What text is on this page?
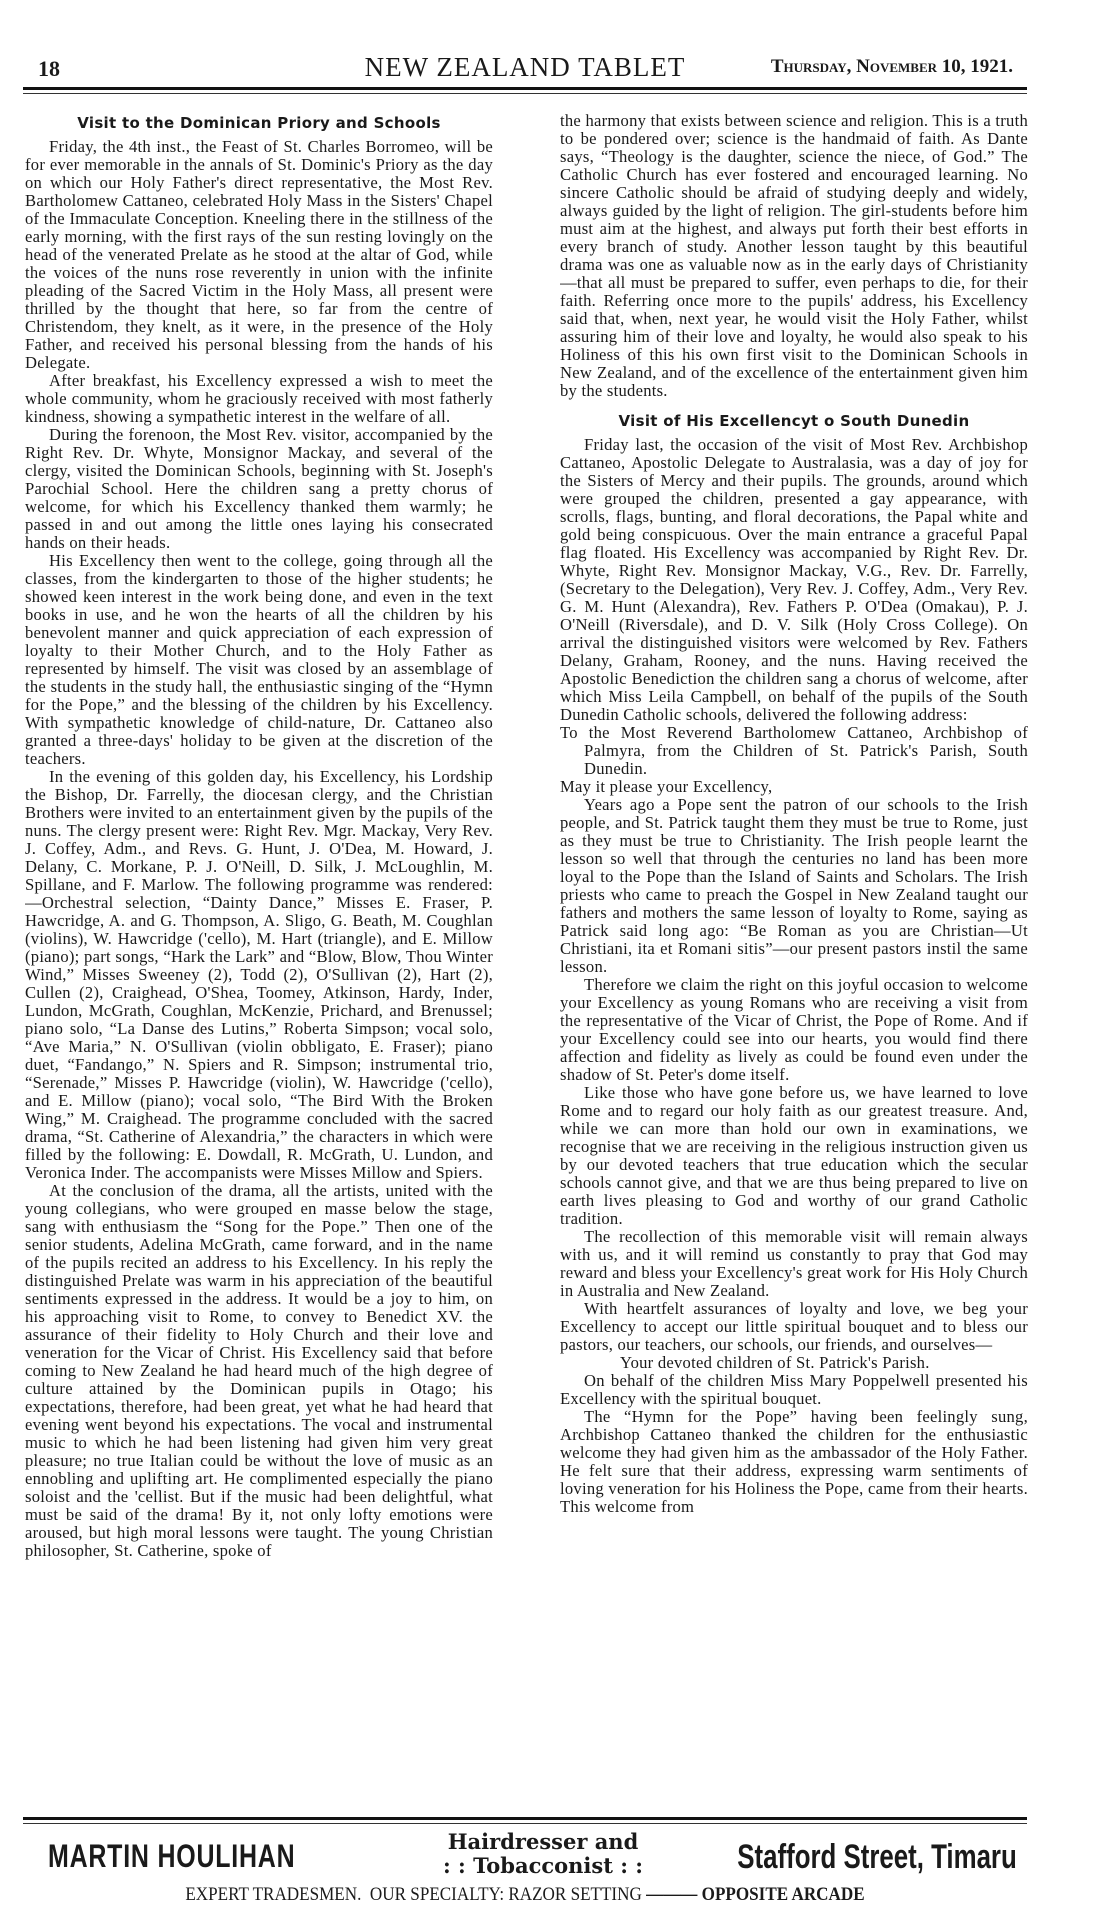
18	NEW ZEALAND TABLET	Thursday, November 10, 1921.
Visit to the Dominican Priory and Schools

Friday, the 4th inst., the Feast of St. Charles Borromeo, will be for ever memorable in the annals of St. Dominic's Priory as the day on which our Holy Father's direct representative, the Most Rev. Bartholomew Cattaneo, celebrated Holy Mass in the Sisters' Chapel of the Immaculate Conception. Kneeling there in the stillness of the early morning, with the first rays of the sun resting lovingly on the head of the venerated Prelate as he stood at the altar of God, while the voices of the nuns rose reverently in union with the infinite pleading of the Sacred Victim in the Holy Mass, all present were thrilled by the thought that here, so far from the centre of Christendom, they knelt, as it were, in the presence of the Holy Father, and received his personal blessing from the hands of his Delegate.

After breakfast, his Excellency expressed a wish to meet the whole community, whom he graciously received with most fatherly kindness, showing a sympathetic interest in the welfare of all.

During the forenoon, the Most Rev. visitor, accompanied by the Right Rev. Dr. Whyte, Monsignor Mackay, and several of the clergy, visited the Dominican Schools, beginning with St. Joseph's Parochial School. Here the children sang a pretty chorus of welcome, for which his Excellency thanked them warmly; he passed in and out among the little ones laying his consecrated hands on their heads.

His Excellency then went to the college, going through all the classes, from the kindergarten to those of the higher students; he showed keen interest in the work being done, and even in the text books in use, and he won the hearts of all the children by his benevolent manner and quick appreciation of each expression of loyalty to their Mother Church, and to the Holy Father as represented by himself. The visit was closed by an assemblage of the students in the study hall, the enthusiastic singing of the “Hymn for the Pope,” and the blessing of the children by his Excellency. With sympathetic knowledge of child-nature, Dr. Cattaneo also granted a three-days' holiday to be given at the discretion of the teachers.

In the evening of this golden day, his Excellency, his Lordship the Bishop, Dr. Farrelly, the diocesan clergy, and the Christian Brothers were invited to an entertainment given by the pupils of the nuns. The clergy present were: Right Rev. Mgr. Mackay, Very Rev. J. Coffey, Adm., and Revs. G. Hunt, J. O'Dea, M. Howard, J. Delany, C. Morkane, P. J. O'Neill, D. Silk, J. McLoughlin, M. Spillane, and F. Marlow. The following programme was rendered:—Orchestral selection, “Dainty Dance,” Misses E. Fraser, P. Hawcridge, A. and G. Thompson, A. Sligo, G. Beath, M. Coughlan (violins), W. Hawcridge ('cello), M. Hart (triangle), and E. Millow (piano); part songs, “Hark the Lark” and “Blow, Blow, Thou Winter Wind,” Misses Sweeney (2), Todd (2), O'Sullivan (2), Hart (2), Cullen (2), Craighead, O'Shea, Toomey, Atkinson, Hardy, Inder, Lundon, McGrath, Coughlan, McKenzie, Prichard, and Brenussel; piano solo, “La Danse des Lutins,” Roberta Simpson; vocal solo, “Ave Maria,” N. O'Sullivan (violin obbligato, E. Fraser); piano duet, “Fandango,” N. Spiers and R. Simpson; instrumental trio, “Serenade,” Misses P. Hawcridge (violin), W. Hawcridge ('cello), and E. Millow (piano); vocal solo, “The Bird With the Broken Wing,” M. Craighead. The programme concluded with the sacred drama, “St. Catherine of Alexandria,” the characters in which were filled by the following: E. Dowdall, R. McGrath, U. Lundon, and Veronica Inder. The accompanists were Misses Millow and Spiers.

At the conclusion of the drama, all the artists, united with the young collegians, who were grouped en masse below the stage, sang with enthusiasm the “Song for the Pope.” Then one of the senior students, Adelina McGrath, came forward, and in the name of the pupils recited an address to his Excellency. In his reply the distinguished Prelate was warm in his appreciation of the beautiful sentiments expressed in the address. It would be a joy to him, on his approaching visit to Rome, to convey to Benedict XV. the assurance of their fidelity to Holy Church and their love and veneration for the Vicar of Christ. His Excellency said that before coming to New Zealand he had heard much of the high degree of culture attained by the Dominican pupils in Otago; his expectations, therefore, had been great, yet what he had heard that evening went beyond his expectations. The vocal and instrumental music to which he had been listening had given him very great pleasure; no true Italian could be without the love of music as an ennobling and uplifting art. He complimented especially the piano soloist and the 'cellist. But if the music had been delightful, what must be said of the drama! By it, not only lofty emotions were aroused, but high moral lessons were taught. The young Christian philosopher, St. Catherine, spoke of

the harmony that exists between science and religion. This is a truth to be pondered over; science is the handmaid of faith. As Dante says, “Theology is the daughter, science the niece, of God.” The Catholic Church has ever fostered and encouraged learning. No sincere Catholic should be afraid of studying deeply and widely, always guided by the light of religion. The girl-students before him must aim at the highest, and always put forth their best efforts in every branch of study. Another lesson taught by this beautiful drama was one as valuable now as in the early days of Christianity—that all must be prepared to suffer, even perhaps to die, for their faith. Referring once more to the pupils' address, his Excellency said that, when, next year, he would visit the Holy Father, whilst assuring him of their love and loyalty, he would also speak to his Holiness of this his own first visit to the Dominican Schools in New Zealand, and of the excellence of the entertainment given him by the students.

Visit of His Excellencyt o South Dunedin

Friday last, the occasion of the visit of Most Rev. Archbishop Cattaneo, Apostolic Delegate to Australasia, was a day of joy for the Sisters of Mercy and their pupils. The grounds, around which were grouped the children, presented a gay appearance, with scrolls, flags, bunting, and floral decorations, the Papal white and gold being conspicuous. Over the main entrance a graceful Papal flag floated. His Excellency was accompanied by Right Rev. Dr. Whyte, Right Rev. Monsignor Mackay, V.G., Rev. Dr. Farrelly, (Secretary to the Delegation), Very Rev. J. Coffey, Adm., Very Rev. G. M. Hunt (Alexandra), Rev. Fathers P. O'Dea (Omakau), P. J. O'Neill (Riversdale), and D. V. Silk (Holy Cross College). On arrival the distinguished visitors were welcomed by Rev. Fathers Delany, Graham, Rooney, and the nuns. Having received the Apostolic Benediction the children sang a chorus of welcome, after which Miss Leila Campbell, on behalf of the pupils of the South Dunedin Catholic schools, delivered the following address:

To the Most Reverend Bartholomew Cattaneo, Archbishop of Palmyra, from the Children of St. Patrick's Parish, South Dunedin.

May it please your Excellency,

Years ago a Pope sent the patron of our schools to the Irish people, and St. Patrick taught them they must be true to Rome, just as they must be true to Christianity. The Irish people learnt the lesson so well that through the centuries no land has been more loyal to the Pope than the Island of Saints and Scholars. The Irish priests who came to preach the Gospel in New Zealand taught our fathers and mothers the same lesson of loyalty to Rome, saying as Patrick said long ago: “Be Roman as you are Christian—Ut Christiani, ita et Romani sitis”—our present pastors instil the same lesson.

Therefore we claim the right on this joyful occasion to welcome your Excellency as young Romans who are receiving a visit from the representative of the Vicar of Christ, the Pope of Rome. And if your Excellency could see into our hearts, you would find there affection and fidelity as lively as could be found even under the shadow of St. Peter's dome itself.

Like those who have gone before us, we have learned to love Rome and to regard our holy faith as our greatest treasure. And, while we can more than hold our own in examinations, we recognise that we are receiving in the religious instruction given us by our devoted teachers that true education which the secular schools cannot give, and that we are thus being prepared to live on earth lives pleasing to God and worthy of our grand Catholic tradition.

The recollection of this memorable visit will remain always with us, and it will remind us constantly to pray that God may reward and bless your Excellency's great work for His Holy Church in Australia and New Zealand.

With heartfelt assurances of loyalty and love, we beg your Excellency to accept our little spiritual bouquet and to bless our pastors, our teachers, our schools, our friends, and ourselves—

Your devoted children of St. Patrick's Parish.

On behalf of the children Miss Mary Poppelwell presented his Excellency with the spiritual bouquet.

The “Hymn for the Pope” having been feelingly sung, Archbishop Cattaneo thanked the children for the enthusiastic welcome they had given him as the ambassador of the Holy Father. He felt sure that their address, expressing warm sentiments of loving veneration for his Holiness the Pope, came from their hearts. This welcome from

MARTIN HOULIHAN	Hairdresser and
: : Tobacconist : :	Stafford Street, Timaru
EXPERT TRADESMEN. OUR SPECIALTY: RAZOR SETTING ——— OPPOSITE ARCADE
